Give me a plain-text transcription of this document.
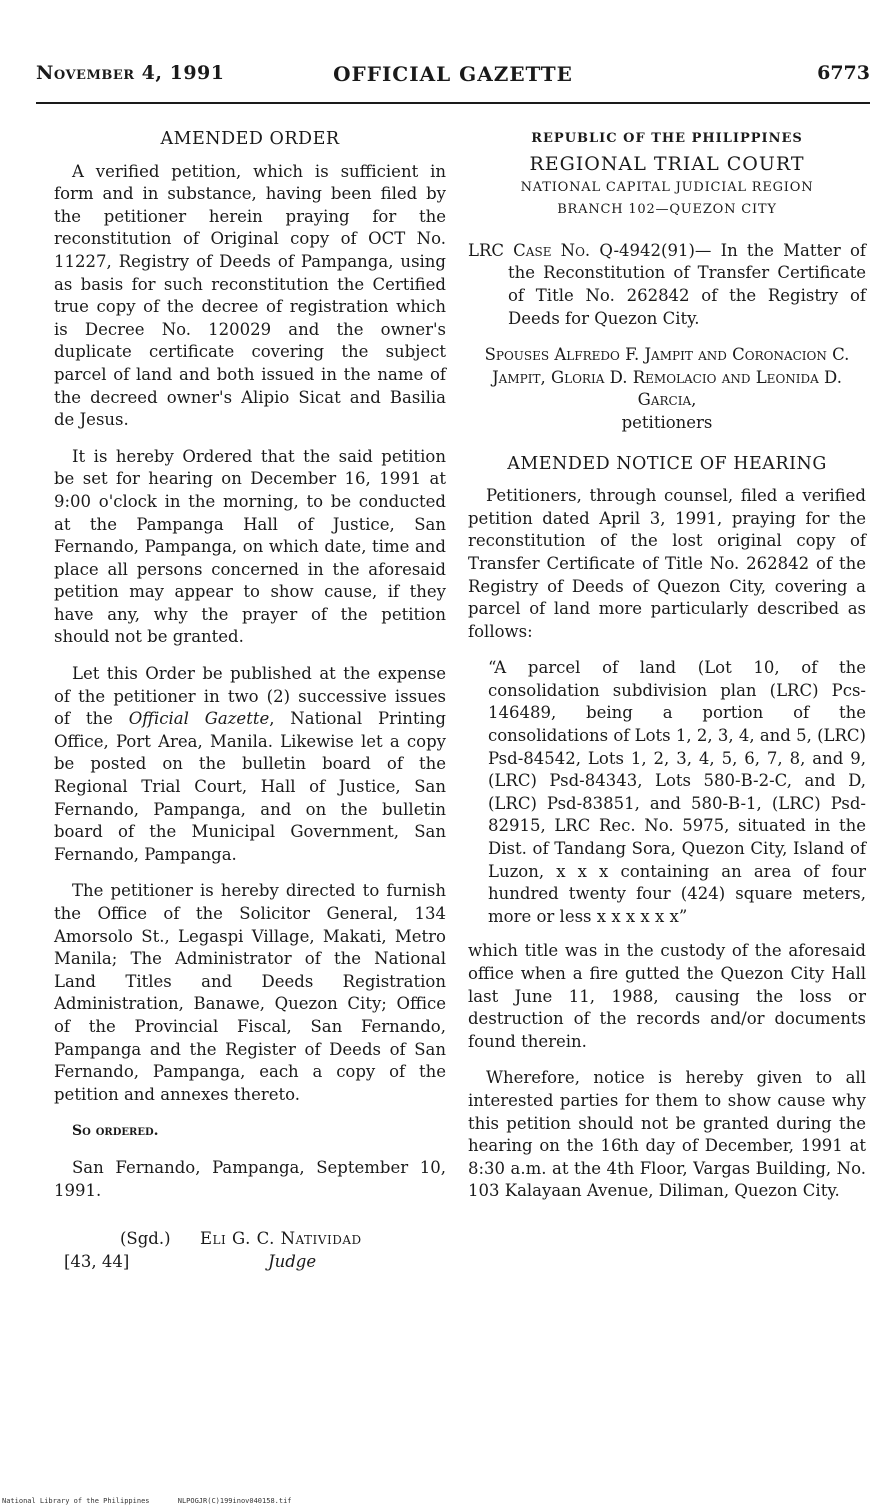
November 4, 1991	OFFICIAL GAZETTE	6773
AMENDED ORDER

A verified petition, which is sufficient in form and in substance, having been filed by the petitioner herein praying for the reconstitution of Original copy of OCT No. 11227, Registry of Deeds of Pampanga, using as basis for such reconstitution the Certified true copy of the decree of registration which is Decree No. 120029 and the owner's duplicate certificate covering the subject parcel of land and both issued in the name of the decreed owner's Alipio Sicat and Basilia de Jesus.

It is hereby Ordered that the said petition be set for hearing on December 16, 1991 at 9:00 o'clock in the morning, to be conducted at the Pampanga Hall of Justice, San Fernando, Pampanga, on which date, time and place all persons concerned in the aforesaid petition may appear to show cause, if they have any, why the prayer of the petition should not be granted.

Let this Order be published at the expense of the petitioner in two (2) successive issues of the Official Gazette, National Printing Office, Port Area, Manila. Likewise let a copy be posted on the bulletin board of the Regional Trial Court, Hall of Justice, San Fernando, Pampanga, and on the bulletin board of the Municipal Government, San Fernando, Pampanga.

The petitioner is hereby directed to furnish the Office of the Solicitor General, 134 Amorsolo St., Legaspi Village, Makati, Metro Manila; The Administrator of the National Land Titles and Deeds Registration Administration, Banawe, Quezon City; Office of the Provincial Fiscal, San Fernando, Pampanga and the Register of Deeds of San Fernando, Pampanga, each a copy of the petition and annexes thereto.

So ordered.
San Fernando, Pampanga, September 10, 1991.
(Sgd.) Eli G. C. Natividad
[43, 44]	Judge
REPUBLIC OF THE PHILIPPINES
REGIONAL TRIAL COURT
NATIONAL CAPITAL JUDICIAL REGION
BRANCH 102—QUEZON CITY
LRC Case No. Q-4942(91)— In the Matter of the Reconstitution of Transfer Certificate of Title No. 262842 of the Registry of Deeds for Quezon City.
Spouses Alfredo F. Jampit and Coronacion C. Jampit, Gloria D. Remolacio and Leonida D. Garcia,
petitioners
AMENDED NOTICE OF HEARING

Petitioners, through counsel, filed a verified petition dated April 3, 1991, praying for the reconstitution of the lost original copy of Transfer Certificate of Title No. 262842 of the Registry of Deeds of Quezon City, covering a parcel of land more particularly described as follows:

“A parcel of land (Lot 10, of the consolidation subdivision plan (LRC) Pcs-146489, being a portion of the consolidations of Lots 1, 2, 3, 4, and 5, (LRC) Psd-84542, Lots 1, 2, 3, 4, 5, 6, 7, 8, and 9, (LRC) Psd-84343, Lots 580-B-2-C, and D, (LRC) Psd-83851, and 580-B-1, (LRC) Psd-82915, LRC Rec. No. 5975, situated in the Dist. of Tandang Sora, Quezon City, Island of Luzon, x x x containing an area of four hundred twenty four (424) square meters, more or less x x x x x x”

which title was in the custody of the aforesaid office when a fire gutted the Quezon City Hall last June 11, 1988, causing the loss or destruction of the records and/or documents found therein.

Wherefore, notice is hereby given to all interested parties for them to show cause why this petition should not be granted during the hearing on the 16th day of December, 1991 at 8:30 a.m. at the 4th Floor, Vargas Building, No. 103 Kalayaan Avenue, Diliman, Quezon City.

National Library of the Philippines	NLPOGJR(C)199inov040158.tif
